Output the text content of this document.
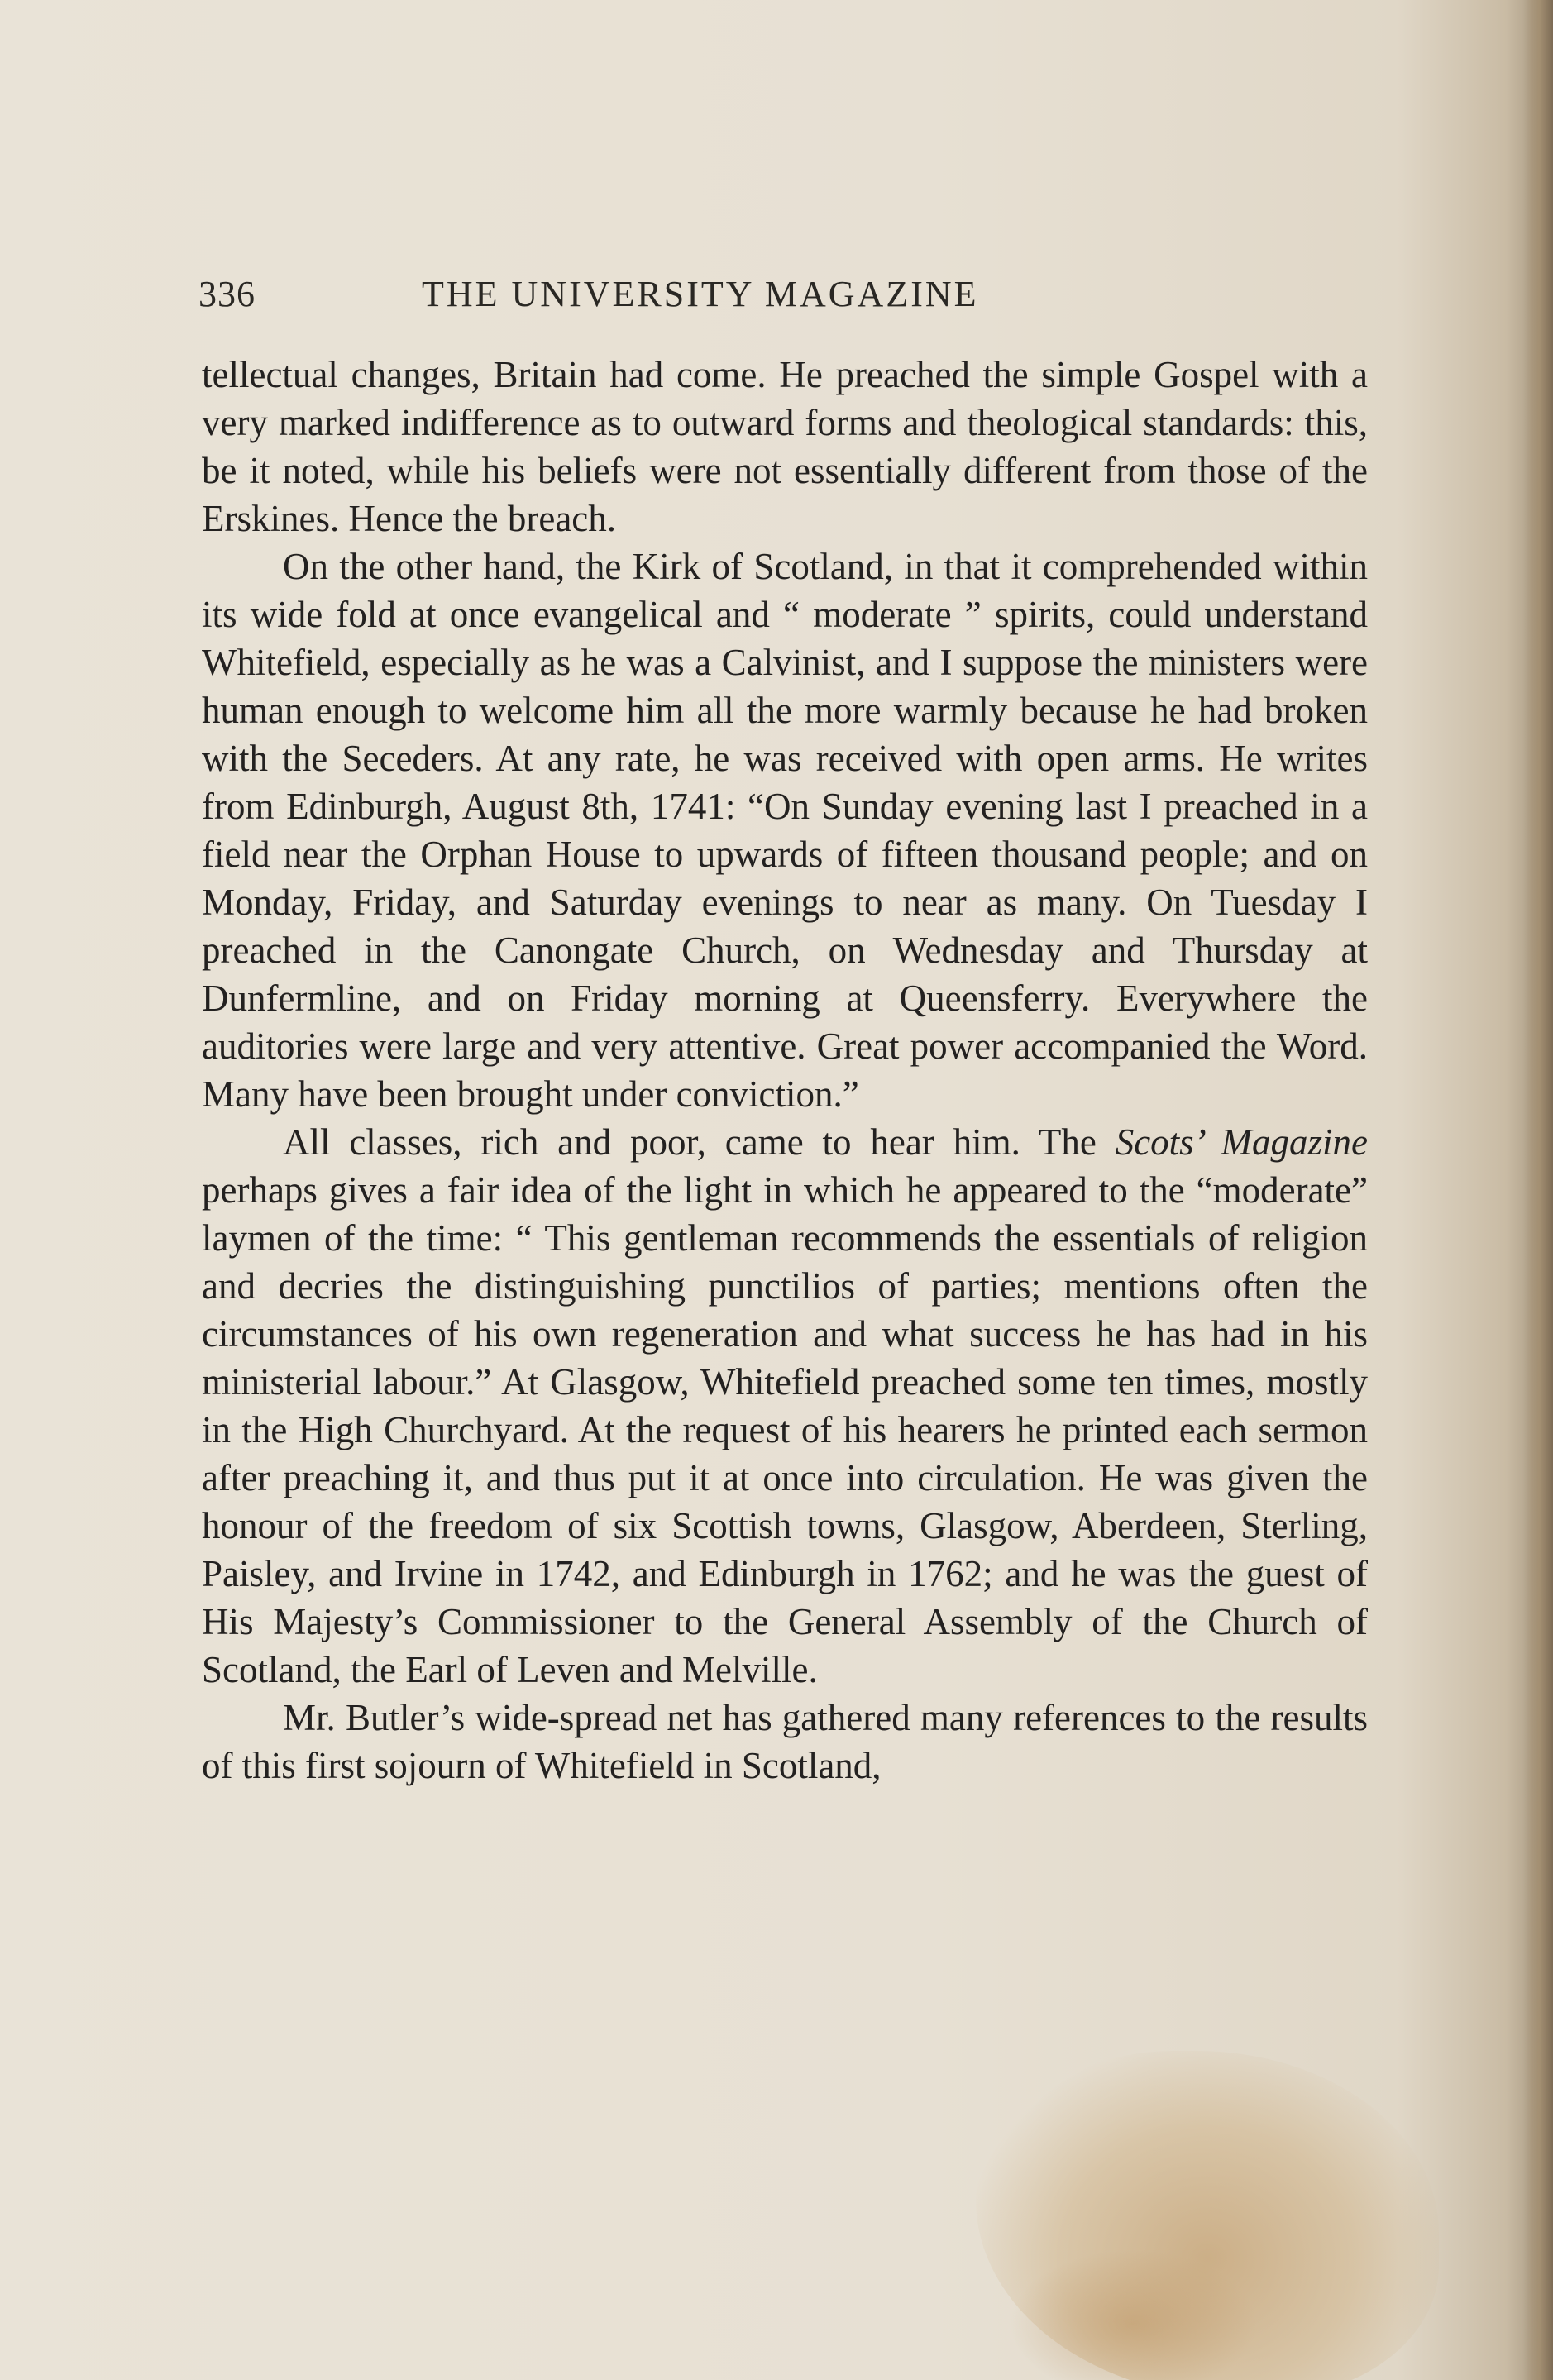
336	THE UNIVERSITY MAGAZINE

tellectual changes, Britain had come. He preached the simple Gospel with a very marked indifference as to outward forms and theological standards: this, be it noted, while his beliefs were not essentially different from those of the Erskines. Hence the breach.

On the other hand, the Kirk of Scotland, in that it comprehended within its wide fold at once evangelical and “ moderate ” spirits, could understand Whitefield, especially as he was a Calvinist, and I suppose the ministers were human enough to welcome him all the more warmly because he had broken with the Seceders. At any rate, he was received with open arms. He writes from Edinburgh, August 8th, 1741: “On Sunday evening last I preached in a field near the Orphan House to upwards of fifteen thousand people; and on Monday, Friday, and Saturday evenings to near as many. On Tuesday I preached in the Canongate Church, on Wednesday and Thursday at Dunfermline, and on Friday morning at Queensferry. Everywhere the auditories were large and very attentive. Great power accompanied the Word. Many have been brought under conviction.”

All classes, rich and poor, came to hear him. The Scots’ Magazine perhaps gives a fair idea of the light in which he appeared to the “moderate” laymen of the time: “ This gentleman recommends the essentials of religion and decries the distinguishing punctilios of parties; mentions often the circumstances of his own regeneration and what success he has had in his ministerial labour.” At Glasgow, Whitefield preached some ten times, mostly in the High Churchyard. At the request of his hearers he printed each sermon after preaching it, and thus put it at once into circulation. He was given the honour of the freedom of six Scottish towns, Glasgow, Aberdeen, Sterling, Paisley, and Irvine in 1742, and Edinburgh in 1762; and he was the guest of His Majesty’s Commissioner to the General Assembly of the Church of Scotland, the Earl of Leven and Melville.

Mr. Butler’s wide-spread net has gathered many references to the results of this first sojourn of Whitefield in Scotland,
